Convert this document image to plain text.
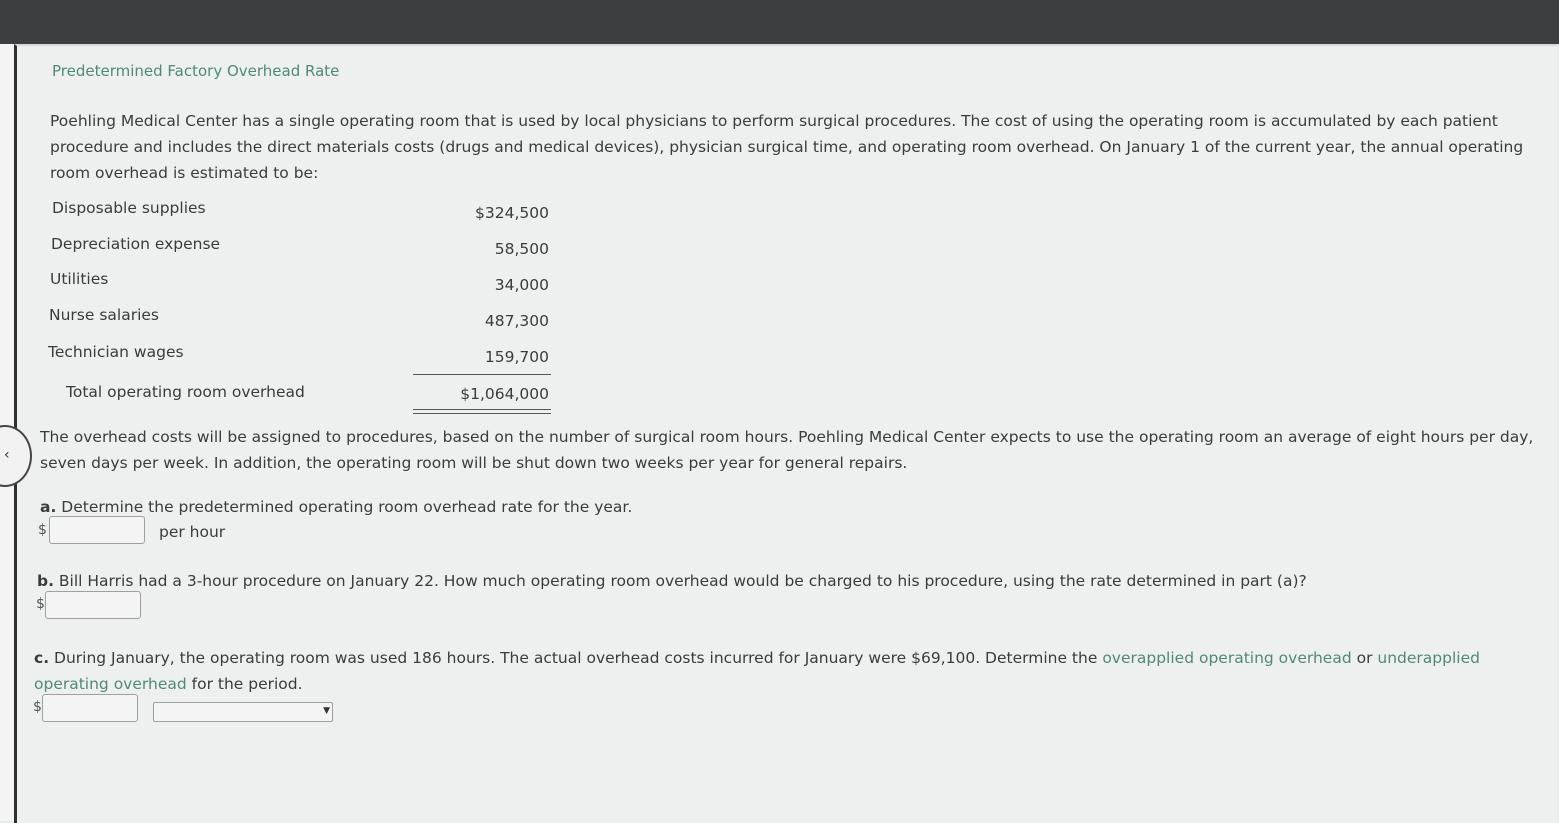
‹
Predetermined Factory Overhead Rate
Poehling Medical Center has a single operating room that is used by local physicians to perform surgical procedures. The cost of using the operating room is accumulated by each patient procedure and includes the direct materials costs (drugs and medical devices), physician surgical time, and operating room overhead. On January 1 of the current year, the annual operating room overhead is estimated to be:
Disposable supplies	$324,500
Depreciation expense	58,500
Utilities	34,000
Nurse salaries	487,300
Technician wages	159,700
Total operating room overhead	$1,064,000
The overhead costs will be assigned to procedures, based on the number of surgical room hours. Poehling Medical Center expects to use the operating room an average of eight hours per day, seven days per week. In addition, the operating room will be shut down two weeks per year for general repairs.
a. Determine the predetermined operating room overhead rate for the year.
$	per hour
b. Bill Harris had a 3-hour procedure on January 22. How much operating room overhead would be charged to his procedure, using the rate determined in part (a)?
$
c. During January, the operating room was used 186 hours. The actual overhead costs incurred for January were $69,100. Determine the overapplied operating overhead or underapplied operating overhead for the period.
$	▼
